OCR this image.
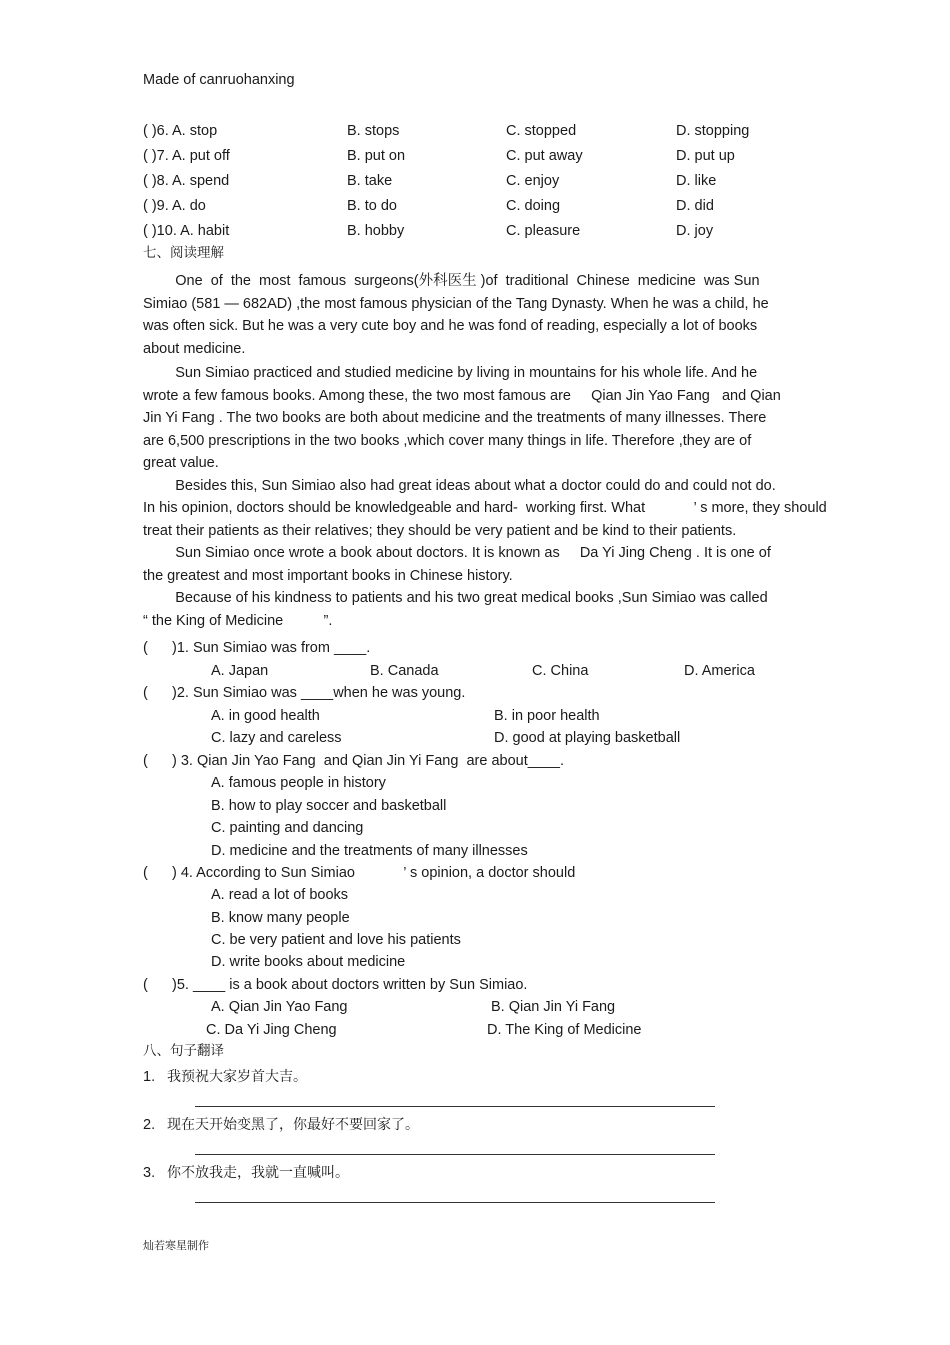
Made of canruohanxing
( )6. A. stop	B. stops	C. stopped	D. stopping
( )7. A. put off	B. put on	C. put away	D. put up
( )8. A. spend	B. take	C. enjoy	D. like
( )9. A. do	B. to do	C. doing	D. did
( )10. A. habit	B. hobby	C. pleasure	D. joy
七、阅读理解

One  of  the  most  famous  surgeons(外科医生 )of  traditional  Chinese  medicine  was Sun

Simiao (581 — 682AD) ,the most famous physician of the Tang Dynasty. When he was a child, he

was often sick. But he was a very cute boy and he was fond of reading, especially a lot of books

about medicine.

Sun Simiao practiced and studied medicine by living in mountains for his whole life. And he

wrote a few famous books. Among these, the two most famous are     Qian Jin Yao Fang   and Qian

Jin Yi Fang . The two books are both about medicine and the treatments of many illnesses. There

are 6,500 prescriptions in the two books ,which cover many things in life. Therefore ,they are of

great value.

Besides this, Sun Simiao also had great ideas about what a doctor could do and could not do.

In his opinion, doctors should be knowledgeable and hard-  working first. What            ’ s more, they should

treat their patients as their relatives; they should be very patient and be kind to their patients.

Sun Simiao once wrote a book about doctors. It is known as     Da Yi Jing Cheng . It is one of

the greatest and most important books in Chinese history.

Because of his kindness to patients and his two great medical books ,Sun Simiao was called

“ the King of Medicine          ”.

(      )1. Sun Simiao was from ____.
A. Japan	B. Canada	C. China	D. America
(      )2. Sun Simiao was ____when he was young.
A. in good health	B. in poor health
C. lazy and careless	D. good at playing basketball
(      ) 3. Qian Jin Yao Fang  and Qian Jin Yi Fang  are about____.
A. famous people in history
B. how to play soccer and basketball
C. painting and dancing
D. medicine and the treatments of many illnesses
(      ) 4. According to Sun Simiao            ’ s opinion, a doctor should
A. read a lot of books
B. know many people
C. be very patient and love his patients
D. write books about medicine
(      )5. ____ is a book about doctors written by Sun Simiao.
A. Qian Jin Yao Fang	B. Qian Jin Yi Fang
C. Da Yi Jing Cheng	D. The King of Medicine
八、句子翻译
1. 我预祝大家岁首大吉。
2. 现在天开始变黑了，你最好不要回家了。
3. 你不放我走，我就一直喊叫。
灿若寒星制作
